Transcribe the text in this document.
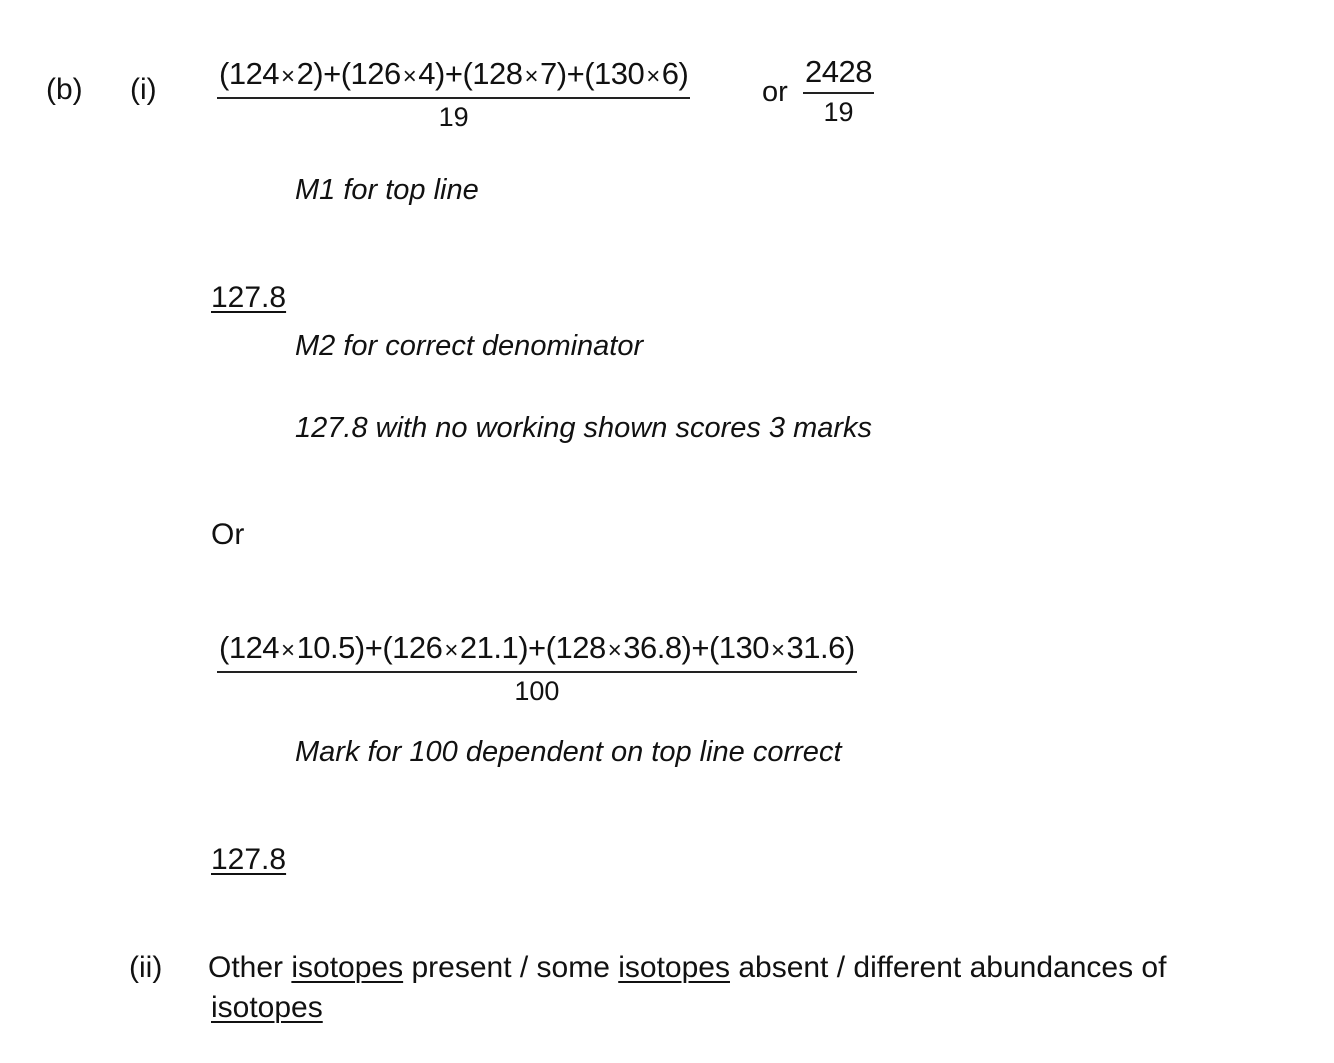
(b) (i) (124×2)+(126×4)+(128×7)+(130×6)
19
or
2428
19
M1 for top line
127.8
M2 for correct denominator
127.8 with no working shown scores 3 marks
Or
(124×10.5)+(126×21.1)+(128×36.8)+(130×31.6)
100
Mark for 100 dependent on top line correct
127.8
(ii) Other isotopes present / some isotopes absent / different abundances of
isotopes
